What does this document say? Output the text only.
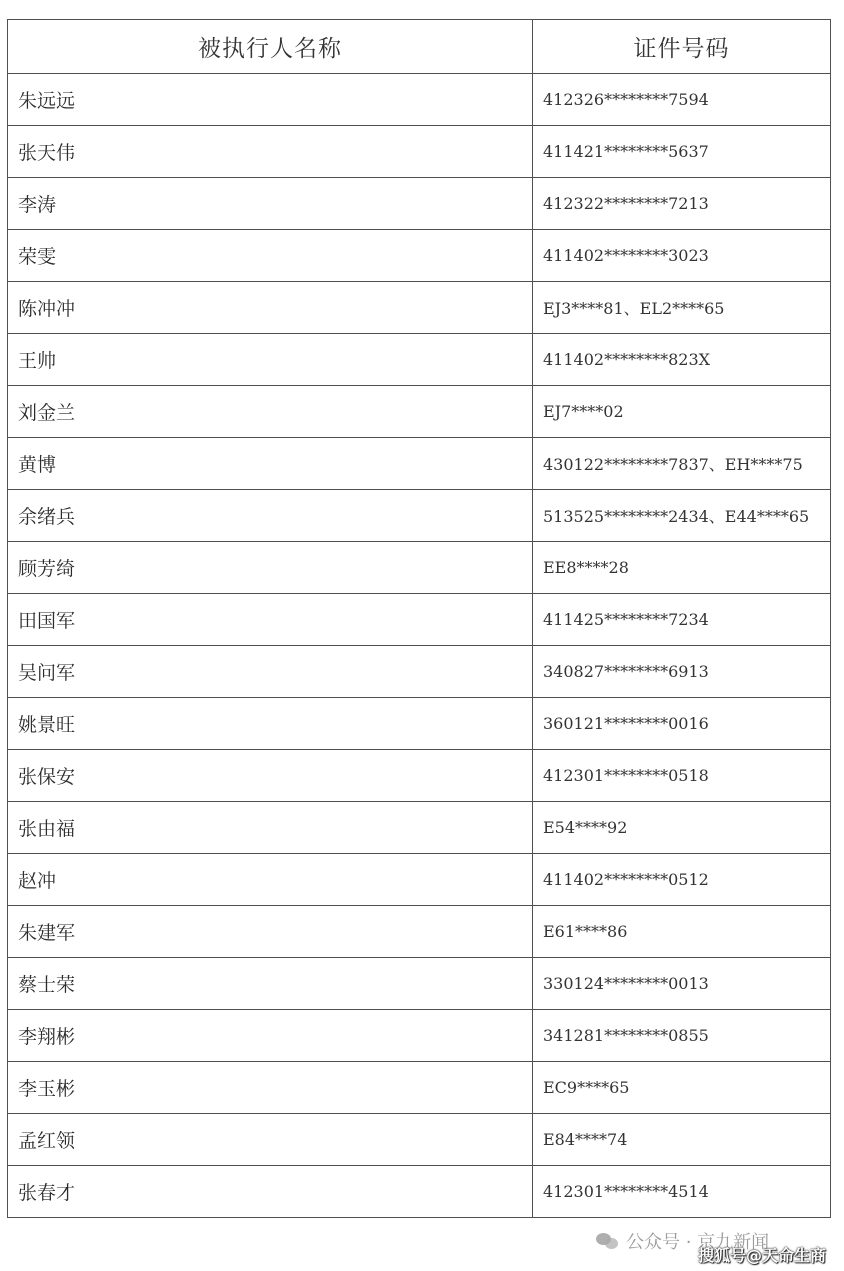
被执行人名称	证件号码
朱远远	412326********7594
张天伟	411421********5637
李涛	412322********7213
荣雯	411402********3023
陈冲冲	EJ3****81、EL2****65
王帅	411402********823X
刘金兰	EJ7****02
黄博	430122********7837、EH****75
余绪兵	513525********2434、E44****65
顾芳绮	EE8****28
田国军	411425********7234
吴问军	340827********6913
姚景旺	360121********0016
张保安	412301********0518
张由福	E54****92
赵冲	411402********0512
朱建军	E61****86
蔡士荣	330124********0013
李翔彬	341281********0855
李玉彬	EC9****65
孟红领	E84****74
张春才	412301********4514
公众号 · 京九新闻
搜狐号@天命生商
